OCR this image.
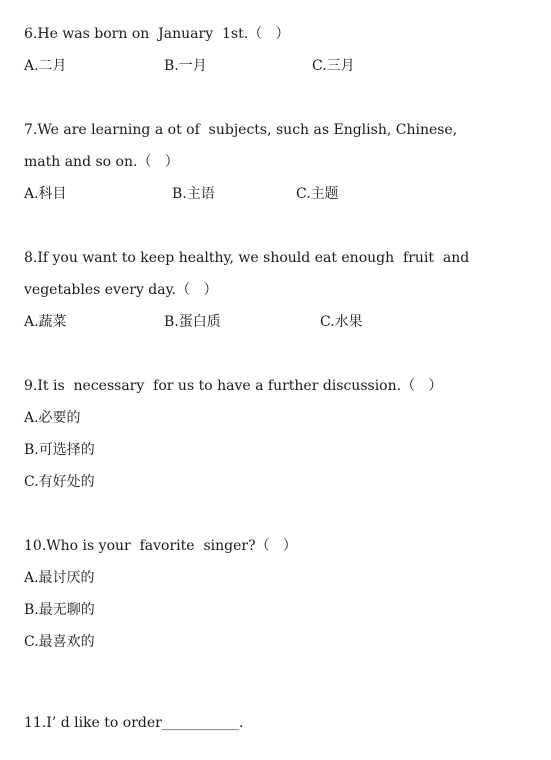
6.He was born on  January  1st.（   ）
A.二月	B.一月	C.三月
7.We are learning a ot of  subjects, such as English, Chinese,
math and so on.（   ）
A.科目	B.主语	C.主题
8.If you want to keep healthy, we should eat enough  fruit  and
vegetables every day.（   ）
A.蔬菜	B.蛋白质	C.水果
9.It is  necessary  for us to have a further discussion.（   ）
A.必要的
B.可选择的
C.有好处的
10.Who is your  favorite  singer?（   ）
A.最讨厌的
B.最无聊的
C.最喜欢的
11.I’ d like to order___________.
